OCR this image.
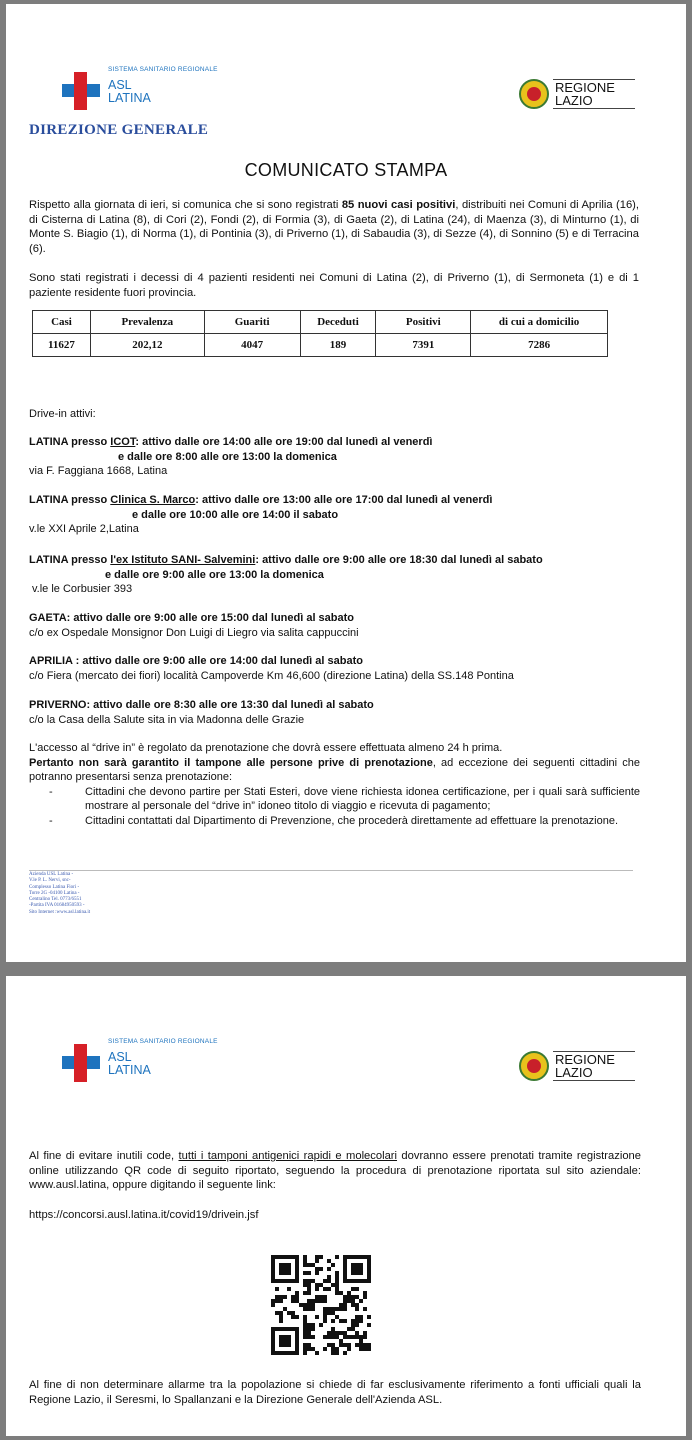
SISTEMA SANITARIO REGIONALE
ASL
LATINA
REGIONE
LAZIO
DIREZIONE GENERALE
COMUNICATO STAMPA
Rispetto alla giornata di ieri, si comunica che si sono registrati 85 nuovi casi positivi, distribuiti nei Comuni di Aprilia (16), di Cisterna di Latina (8), di Cori (2), Fondi (2), di Formia (3), di Gaeta (2), di Latina (24), di Maenza (3), di Minturno (1), di Monte S. Biagio (1), di Norma (1), di Pontinia (3), di Priverno (1), di Sabaudia (3), di Sezze (4), di Sonnino (5) e di Terracina (6).
Sono stati registrati i decessi di 4 pazienti residenti nei Comuni di Latina (2), di Priverno (1), di Sermoneta (1) e di 1 paziente residente fuori provincia.
Casi	Prevalenza	Guariti	Deceduti	Positivi	di cui a domicilio
11627	202,12	4047	189	7391	7286
Drive-in attivi:
LATINA presso ICOT: attivo dalle ore 14:00 alle ore 19:00 dal lunedì al venerdì
e dalle ore 8:00 alle ore 13:00 la domenica
via F. Faggiana 1668, Latina
LATINA presso Clinica S. Marco: attivo dalle ore 13:00 alle ore 17:00 dal lunedì al venerdì
e dalle ore 10:00 alle ore 14:00 il sabato
v.le XXI Aprile 2,Latina
LATINA presso l'ex Istituto SANI- Salvemini: attivo dalle ore 9:00 alle ore 18:30 dal lunedì al sabato
e dalle ore 9:00 alle ore 13:00 la domenica
v.le le Corbusier 393
GAETA: attivo dalle ore 9:00 alle ore 15:00 dal lunedì al sabato
c/o ex Ospedale Monsignor Don Luigi di Liegro via salita cappuccini
APRILIA : attivo dalle ore 9:00 alle ore 14:00 dal lunedì al sabato
c/o Fiera (mercato dei fiori) località Campoverde Km 46,600 (direzione Latina) della SS.148 Pontina
PRIVERNO: attivo dalle ore 8:30 alle ore 13:30 dal lunedì al sabato
c/o la Casa della Salute sita in via Madonna delle Grazie
L'accesso al “drive in” è regolato da prenotazione che dovrà essere effettuata almeno 24 h prima.
Pertanto non sarà garantito il tampone alle persone prive di prenotazione, ad eccezione dei seguenti cittadini che potranno presentarsi senza prenotazione:
- Cittadini che devono partire per Stati Esteri, dove viene richiesta idonea certificazione, per i quali sarà sufficiente mostrare al personale del “drive in” idoneo titolo di viaggio e ricevuta di pagamento;
- Cittadini contattati dal Dipartimento di Prevenzione, che procederà direttamente ad effettuare la prenotazione.
Azienda USL Latina -
V.le P. L. Nervi, snc-
Complesso Latina Fiori -
Torre 2G -04100 Latina -
Centralino Tel. 0773/6551
-Partita IVA 01684950593 -
Sito Internet :www.asl.latina.it
SISTEMA SANITARIO REGIONALE
ASL
LATINA
REGIONE
LAZIO
Al fine di evitare inutili code, tutti i tamponi antigenici rapidi e molecolari dovranno essere prenotati tramite registrazione online utilizzando QR code di seguito riportato, seguendo la procedura di prenotazione riportata sul sito aziendale: www.ausl.latina, oppure digitando il seguente link:
https://concorsi.ausl.latina.it/covid19/drivein.jsf
Al fine di non determinare allarme tra la popolazione si chiede di far esclusivamente riferimento a fonti ufficiali quali la Regione Lazio, il Seresmi, lo Spallanzani e la Direzione Generale dell'Azienda ASL.
